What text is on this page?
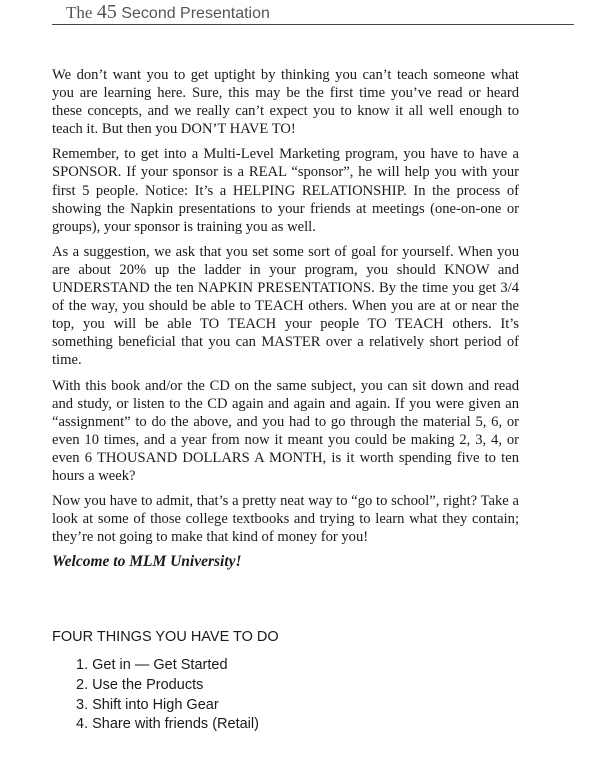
The 45 Second Presentation

We don’t want you to get uptight by thinking you can’t teach someone what you are learning here. Sure, this may be the first time you’ve read or heard these concepts, and we really can’t expect you to know it all well enough to teach it. But then you DON’T HAVE TO!

Remember, to get into a Multi-Level Marketing program, you have to have a SPONSOR. If your sponsor is a REAL “sponsor”, he will help you with your first 5 people. Notice: It’s a HELPING RELATIONSHIP. In the process of showing the Napkin presentations to your friends at meetings (one-on-one or groups), your sponsor is training you as well.

As a suggestion, we ask that you set some sort of goal for yourself. When you are about 20% up the ladder in your program, you should KNOW and UNDERSTAND the ten NAPKIN PRESENTATIONS. By the time you get 3/4 of the way, you should be able to TEACH others. When you are at or near the top, you will be able TO TEACH your people TO TEACH others. It’s something beneficial that you can MASTER over a relatively short period of time.

With this book and/or the CD on the same subject, you can sit down and read and study, or listen to the CD again and again and again. If you were given an “assignment” to do the above, and you had to go through the material 5, 6, or even 10 times, and a year from now it meant you could be making 2, 3, 4, or even 6 THOUSAND DOLLARS A MONTH, is it worth spending five to ten hours a week?

Now you have to admit, that’s a pretty neat way to “go to school”, right? Take a look at some of those college textbooks and trying to learn what they contain; they’re not going to make that kind of money for you!

Welcome to MLM University!
FOUR THINGS YOU HAVE TO DO
1. Get in — Get Started
2. Use the Products
3. Shift into High Gear
4. Share with friends (Retail)
